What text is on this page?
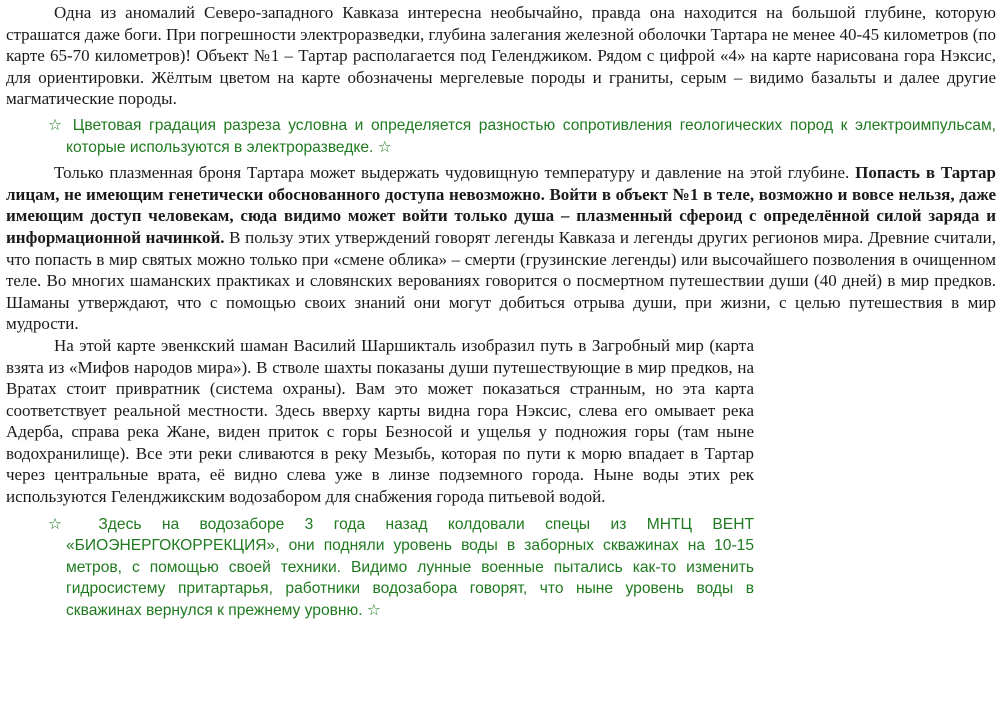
Одна из аномалий Северо-западного Кавказа интересна необычайно, правда она находится на большой глубине, которую страшатся даже боги. При погрешности электроразведки, глубина залегания железной оболочки Тартара не менее 40-45 километров (по карте 65-70 километров)! Объект №1 – Тартар располагается под Геленджиком. Рядом с цифрой «4» на карте нарисована гора Нэксис, для ориентировки. Жёлтым цветом на карте обозначены мергелевые породы и граниты, серым – видимо базальты и далее другие магматические породы.

☆ Цветовая градация разреза условна и определяется разностью сопротивления геологических пород к электроимпульсам, которые используются в электроразведке. ☆

Только плазменная броня Тартара может выдержать чудовищную температуру и давление на этой глубине. Попасть в Тартар лицам, не имеющим генетически обоснованного доступа невозможно. Войти в объект №1 в теле, возможно и вовсе нельзя, даже имеющим доступ человекам, сюда видимо может войти только душа – плазменный сфероид с определённой силой заряда и информационной начинкой. В пользу этих утверждений говорят легенды Кавказа и легенды других регионов мира. Древние считали, что попасть в мир святых можно только при «смене облика» – смерти (грузинские легенды) или высочайшего позволения в очищенном теле. Во многих шаманских практиках и словянских верованиях говорится о посмертном путешествии души (40 дней) в мир предков. Шаманы утверждают, что с помощью своих знаний они могут добиться отрыва души, при жизни, с целью путешествия в мир мудрости.

На этой карте эвенкский шаман Василий Шаршикталь изобразил путь в Загробный мир (карта взята из «Мифов народов мира»). В стволе шахты показаны души путешествующие в мир предков, на Вратах стоит привратник (система охраны). Вам это может показаться странным, но эта карта соответствует реальной местности. Здесь вверху карты видна гора Нэксис, слева его омывает река Адерба, справа река Жане, виден приток с горы Безносой и ущелья у подножия горы (там ныне водохранилище). Все эти реки сливаются в реку Мезыбь, которая по пути к морю впадает в Тартар через центральные врата, её видно слева уже в линзе подземного города. Ныне воды этих рек используются Геленджикским водозабором для снабжения города питьевой водой.

☆ Здесь на водозаборе 3 года назад колдовали спецы из МНТЦ ВЕНТ «БИОЭНЕРГОКОРРЕКЦИЯ», они подняли уровень воды в заборных скважинах на 10-15 метров, с помощью своей техники. Видимо лунные военные пытались как-то изменить гидросистему притартарья, работники водозабора говорят, что ныне уровень воды в скважинах вернулся к прежнему уровню. ☆
